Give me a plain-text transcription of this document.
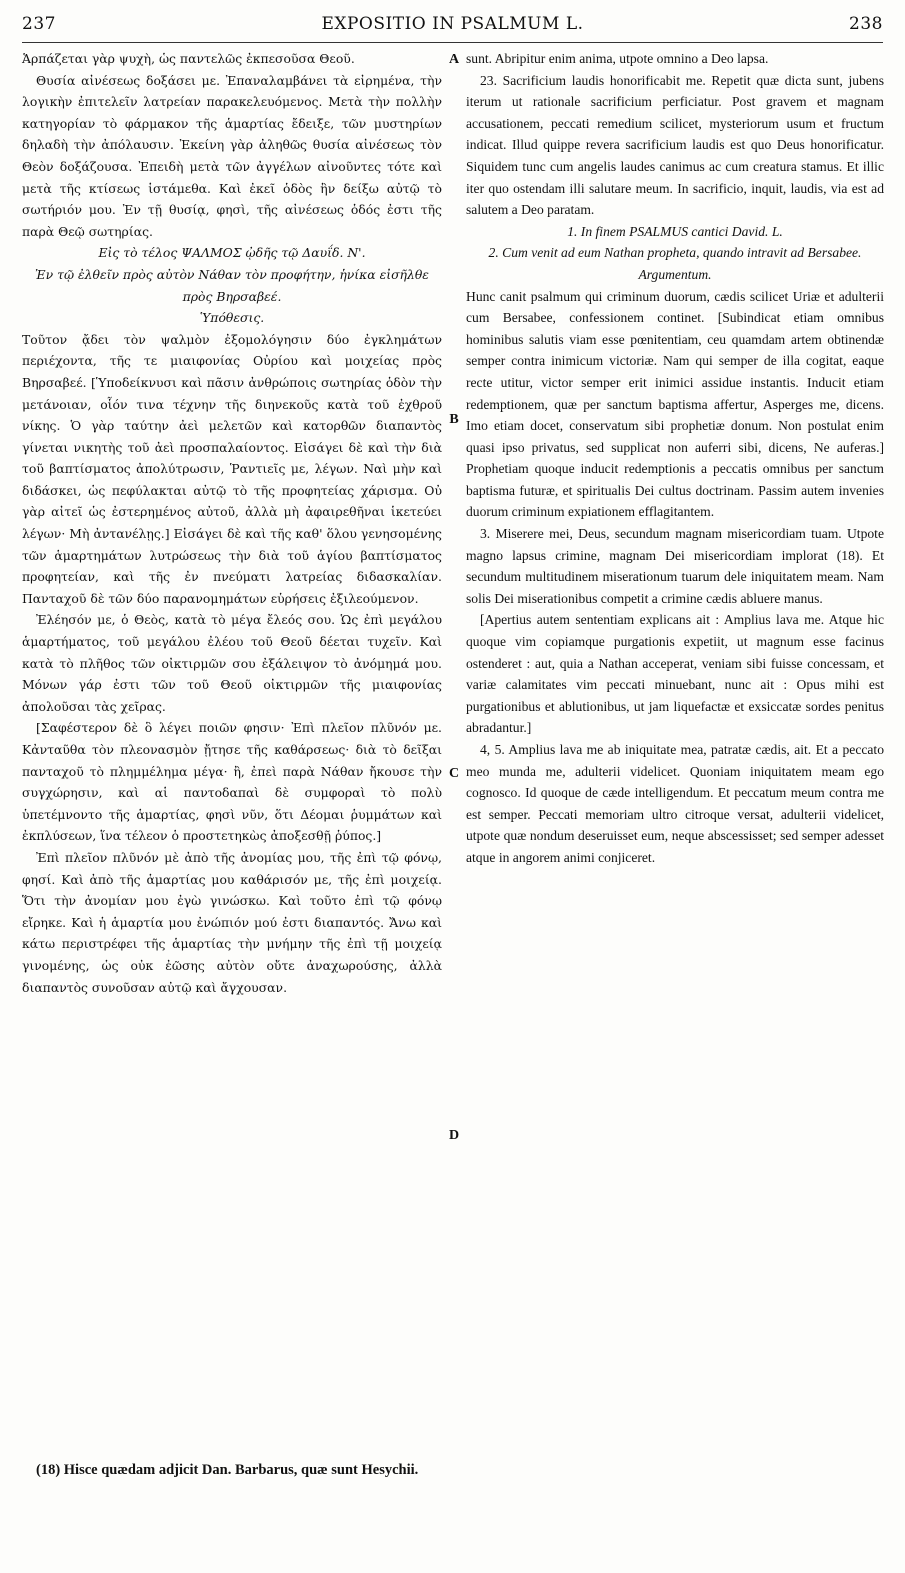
237	EXPOSITIO IN PSALMUM L.	238

Ἁρπάζεται γὰρ ψυχὴ, ὡς παντελῶς ἐκπεσοῦσα Θεοῦ.

Θυσία αἰνέσεως δοξάσει με. Ἐπαναλαμβάνει τὰ εἰρημένα, τὴν λογικὴν ἐπιτελεῖν λατρείαν παρακελευόμενος. Μετὰ τὴν πολλὴν κατηγορίαν τὸ φάρμακον τῆς ἁμαρτίας ἔδειξε, τῶν μυστηρίων δηλαδὴ τὴν ἀπόλαυσιν. Ἐκείνη γὰρ ἀληθῶς θυσία αἰνέσεως τὸν Θεὸν δοξάζουσα. Ἐπειδὴ μετὰ τῶν ἀγγέλων αἰνοῦντες τότε καὶ μετὰ τῆς κτίσεως ἱστάμεθα. Καὶ ἐκεῖ ὁδὸς ἣν δείξω αὐτῷ τὸ σωτήριόν μου. Ἐν τῇ θυσίᾳ, φησὶ, τῆς αἰνέσεως ὁδός ἐστι τῆς παρὰ Θεῷ σωτηρίας.

Εἰς τὸ τέλος ΨΑΛΜΟΣ ᾠδῆς τῷ Δαυΐδ. Ν'.

Ἐν τῷ ἐλθεῖν πρὸς αὐτὸν Νάθαν τὸν προφήτην, ἡνίκα εἰσῆλθε πρὸς Βηρσαβεέ.

Ὑπόθεσις.

Τοῦτον ᾄδει τὸν ψαλμὸν ἐξομολόγησιν δύο ἐγκλημάτων περιέχοντα, τῆς τε μιαιφονίας Οὐρίου καὶ μοιχείας πρὸς Βηρσαβεέ. [Ὑποδείκνυσι καὶ πᾶσιν ἀνθρώποις σωτηρίας ὁδὸν τὴν μετάνοιαν, οἷόν τινα τέχνην τῆς διηνεκοῦς κατὰ τοῦ ἐχθροῦ νίκης. Ὁ γὰρ ταύτην ἀεὶ μελετῶν καὶ κατορθῶν διαπαντὸς γίνεται νικητὴς τοῦ ἀεὶ προσπαλαίοντος. Εἰσάγει δὲ καὶ τὴν διὰ τοῦ βαπτίσματος ἀπολύτρωσιν, Ῥαντιεῖς με, λέγων. Ναὶ μὴν καὶ διδάσκει, ὡς πεφύλακται αὐτῷ τὸ τῆς προφητείας χάρισμα. Οὐ γὰρ αἰτεῖ ὡς ἐστερημένος αὐτοῦ, ἀλλὰ μὴ ἀφαιρεθῆναι ἱκετεύει λέγων· Μὴ ἀντανέλῃς.] Εἰσάγει δὲ καὶ τῆς καθ' ὅλου γενησομένης τῶν ἁμαρτημάτων λυτρώσεως τὴν διὰ τοῦ ἁγίου βαπτίσματος προφητείαν, καὶ τῆς ἐν πνεύματι λατρείας διδασκαλίαν. Πανταχοῦ δὲ τῶν δύο παρανομημάτων εὑρήσεις ἐξιλεούμενον.

Ἐλέησόν με, ὁ Θεὸς, κατὰ τὸ μέγα ἔλεός σου. Ὡς ἐπὶ μεγάλου ἁμαρτήματος, τοῦ μεγάλου ἐλέου τοῦ Θεοῦ δέεται τυχεῖν. Καὶ κατὰ τὸ πλῆθος τῶν οἰκτιρμῶν σου ἐξάλειψον τὸ ἀνόμημά μου. Μόνων γάρ ἐστι τῶν τοῦ Θεοῦ οἰκτιρμῶν τῆς μιαιφονίας ἀπολοῦσαι τὰς χεῖρας.

[Σαφέστερον δὲ ὃ λέγει ποιῶν φησιν· Ἐπὶ πλεῖον πλῦνόν με. Κἀνταῦθα τὸν πλεονασμὸν ᾔτησε τῆς καθάρσεως· διὰ τὸ δεῖξαι πανταχοῦ τὸ πλημμέλημα μέγα· ἢ, ἐπεὶ παρὰ Νάθαν ἤκουσε τὴν συγχώρησιν, καὶ αἱ παντοδαπαὶ δὲ συμφοραὶ τὸ πολὺ ὑπετέμνοντο τῆς ἁμαρτίας, φησὶ νῦν, ὅτι Δέομαι ῥυμμάτων καὶ ἐκπλύσεων, ἵνα τέλεον ὁ προστετηκὼς ἀποξεσθῇ ῥύπος.]

Ἐπὶ πλεῖον πλῦνόν μὲ ἀπὸ τῆς ἀνομίας μου, τῆς ἐπὶ τῷ φόνῳ, φησί. Καὶ ἀπὸ τῆς ἁμαρτίας μου καθάρισόν με, τῆς ἐπὶ μοιχείᾳ. Ὅτι τὴν ἀνομίαν μου ἐγὼ γινώσκω. Καὶ τοῦτο ἐπὶ τῷ φόνῳ εἴρηκε. Καὶ ἡ ἁμαρτία μου ἐνώπιόν μού ἐστι διαπαντός. Ἄνω καὶ κάτω περιστρέφει τῆς ἁμαρτίας τὴν μνήμην τῆς ἐπὶ τῇ μοιχείᾳ γινομένης, ὡς οὐκ ἐῶσης αὐτὸν οὔτε ἀναχωρούσης, ἀλλὰ διαπαντὸς συνοῦσαν αὐτῷ καὶ ἄγχουσαν.

A
B
C
D

sunt. Abripitur enim anima, utpote omnino a Deo lapsa.

23. Sacrificium laudis honorificabit me. Repetit quæ dicta sunt, jubens iterum ut rationale sacrificium perficiatur. Post gravem et magnam accusationem, peccati remedium scilicet, mysteriorum usum et fructum indicat. Illud quippe revera sacrificium laudis est quo Deus honorificatur. Siquidem tunc cum angelis laudes canimus ac cum creatura stamus. Et illic iter quo ostendam illi salutare meum. In sacrificio, inquit, laudis, via est ad salutem a Deo paratam.

1. In finem PSALMUS cantici David. L.

2. Cum venit ad eum Nathan propheta, quando intravit ad Bersabee.

Argumentum.

Hunc canit psalmum qui criminum duorum, cædis scilicet Uriæ et adulterii cum Bersabee, confessionem continet. [Subindicat etiam omnibus hominibus salutis viam esse pœnitentiam, ceu quamdam artem obtinendæ semper contra inimicum victoriæ. Nam qui semper de illa cogitat, eaque recte utitur, victor semper erit inimici assidue instantis. Inducit etiam redemptionem, quæ per sanctum baptisma affertur, Asperges me, dicens. Imo etiam docet, conservatum sibi prophetiæ donum. Non postulat enim quasi ipso privatus, sed supplicat non auferri sibi, dicens, Ne auferas.] Prophetiam quoque inducit redemptionis a peccatis omnibus per sanctum baptisma futuræ, et spiritualis Dei cultus doctrinam. Passim autem invenies duorum criminum expiationem efflagitantem.

3. Miserere mei, Deus, secundum magnam misericordiam tuam. Utpote magno lapsus crimine, magnam Dei misericordiam implorat (18). Et secundum multitudinem miserationum tuarum dele iniquitatem meam. Nam solis Dei miserationibus competit a crimine cædis abluere manus.

[Apertius autem sententiam explicans ait : Amplius lava me. Atque hic quoque vim copiamque purgationis expetiit, ut magnum esse facinus ostenderet : aut, quia a Nathan acceperat, veniam sibi fuisse concessam, et variæ calamitates vim peccati minuebant, nunc ait : Opus mihi est purgationibus et ablutionibus, ut jam liquefactæ et exsiccatæ sordes penitus abradantur.]

4, 5. Amplius lava me ab iniquitate mea, patratæ cædis, ait. Et a peccato meo munda me, adulterii videlicet. Quoniam iniquitatem meam ego cognosco. Id quoque de cæde intelligendum. Et peccatum meum contra me est semper. Peccati memoriam ultro citroque versat, adulterii videlicet, utpote quæ nondum deseruisset eum, neque abscessisset; sed semper adesset atque in angorem animi conjiceret.

(18) Hisce quædam adjicit Dan. Barbarus, quæ sunt Hesychii.
